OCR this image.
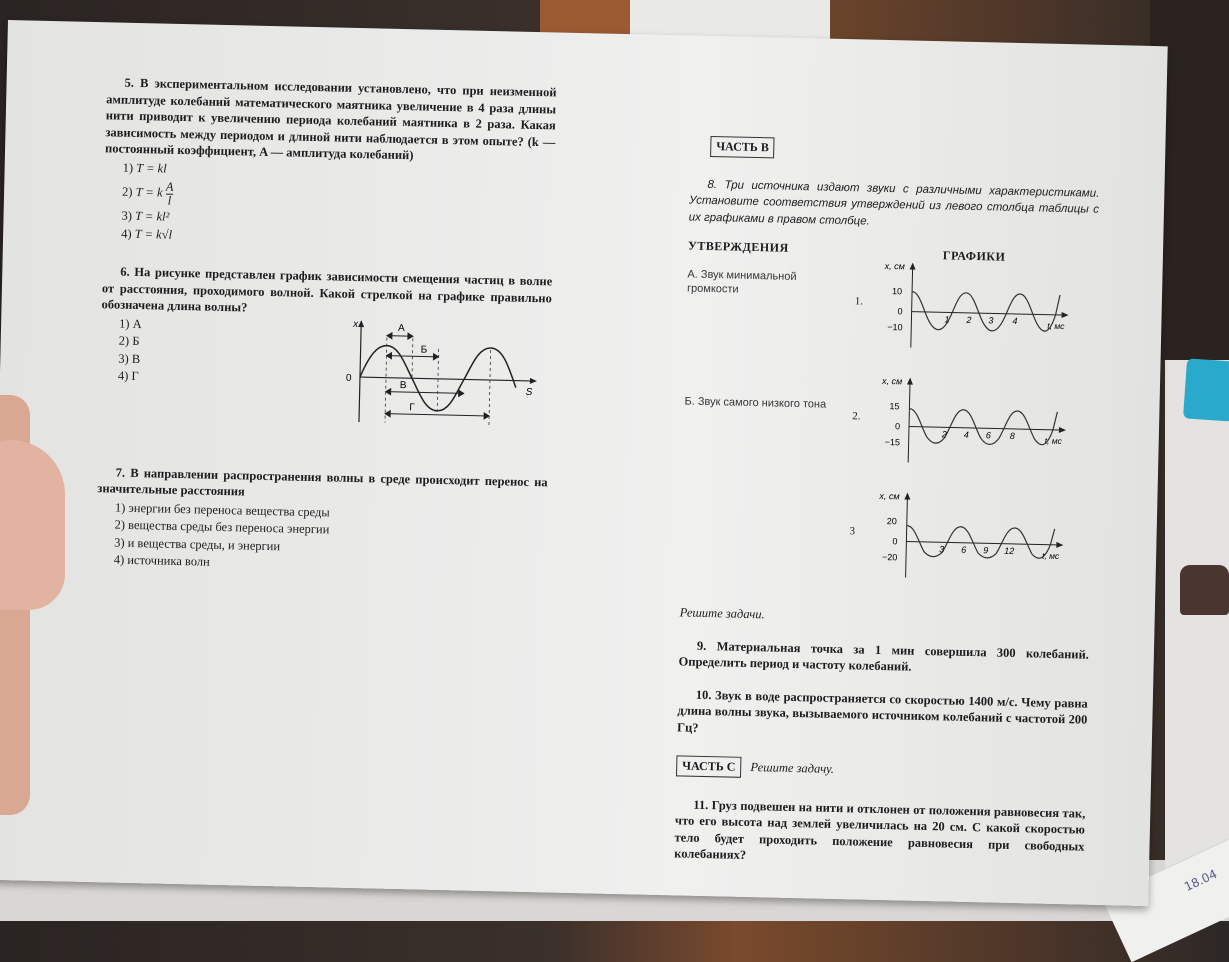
18.04

5. В экспериментальном исследовании установлено, что при неизменной амплитуде колебаний математического маятника увеличение в 4 раза длины нити приводит к увеличению периода колебаний маятника в 2 раза. Какая зависимость между периодом и длиной нити наблюдается в этом опыте? (k — постоянный коэффициент, A — амплитуда колебаний)

1) T = kl
2) T = k $\frac{A}{l}$
3) T = kl²
4) T = k√l

6. На рисунке представлен график зависимости смещения частиц в волне от расстояния, проходимого волной. Какой стрелкой на графике правильно обозначена длина волны?

1) А
2) Б
3) В
4) Г
x
0
S
А
Б
В
Г

7. В направлении распространения волны в среде происходит перенос на значительные расстояния

1) энергии без переноса вещества среды
2) вещества среды без переноса энергии
3) и вещества среды, и энергии
4) источника волн
ЧАСТЬ В

8. Три источника издают звуки с различными характеристиками. Установите соответствия утверждений из левого столбца таблицы с их графиками в правом столбце.

УТВЕРЖДЕНИЯ
ГРАФИКИ
А. Звук минимальной громкости
1.
x, см
10
0
−10	t, мс
1 2 3 4
Б. Звук самого низкого тона
2.
x, см
15
0
−15	t, мс
2 4 6 8
3
x, см
20
0
−20	t, мс
3 6 9 12
Решите задачи.

9. Материальная точка за 1 мин совершила 300 колебаний. Определить период и частоту колебаний.

10. Звук в воде распространяется со скоростью 1400 м/с. Чему равна длина волны звука, вызываемого источником колебаний с частотой 200 Гц?

ЧАСТЬ С Решите задачу.

11. Груз подвешен на нити и отклонен от положения равновесия так, что его высота над землей увеличилась на 20 см. С какой скоростью тело будет проходить положение равновесия при свободных колебаниях?
